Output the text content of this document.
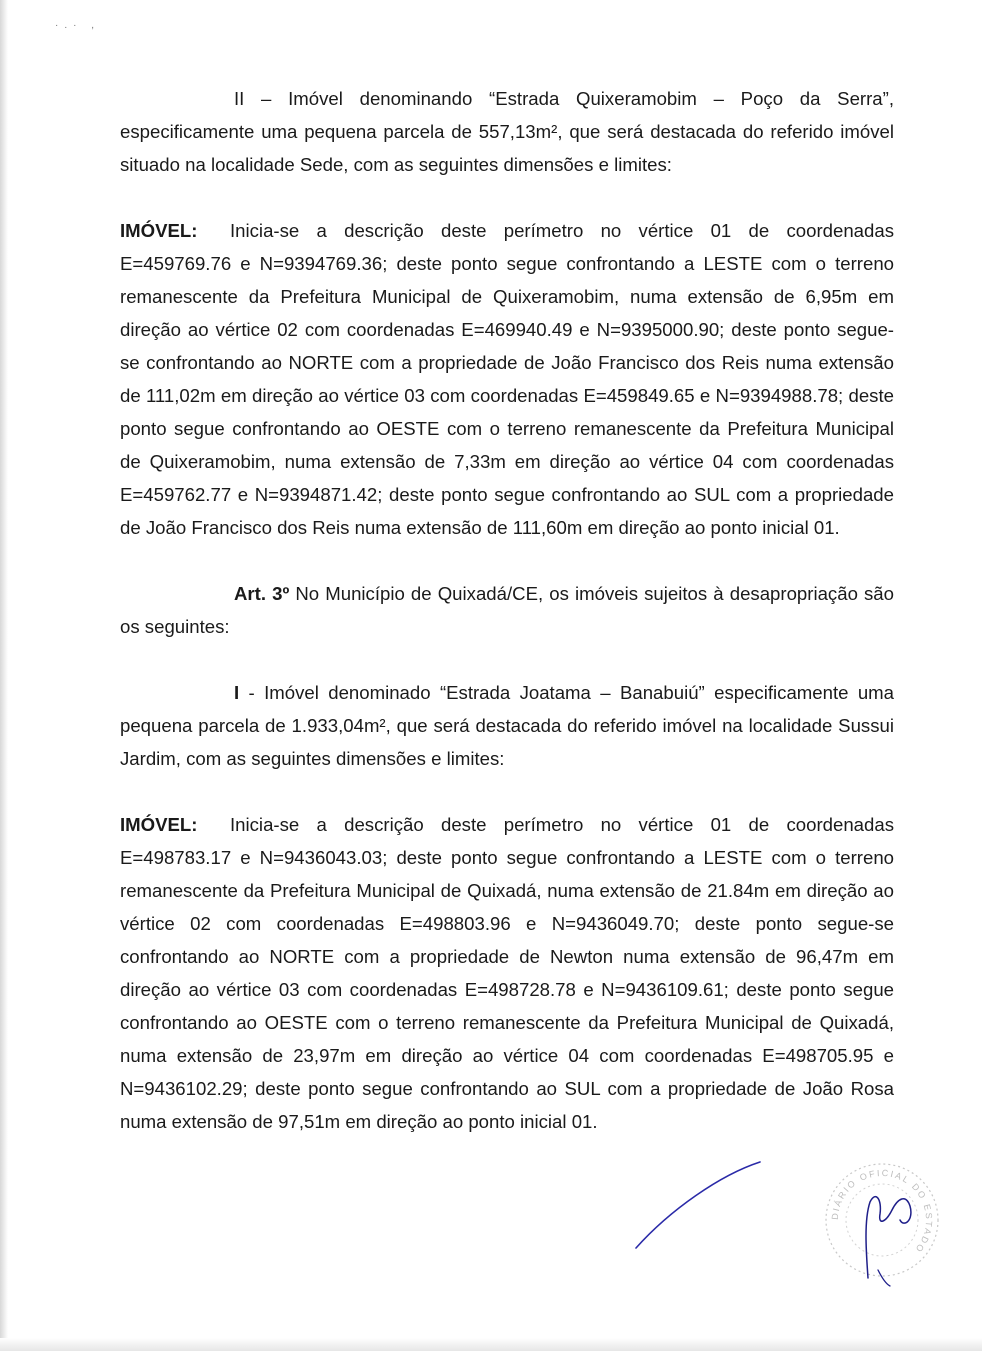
·.· ,

II – Imóvel denominando “Estrada Quixeramobim – Poço da Serra”, especificamente uma pequena parcela de 557,13m², que será destacada do referido imóvel situado na localidade Sede, com as seguintes dimensões e limites:

IMÓVEL: Inicia-se a descrição deste perímetro no vértice 01 de coordenadas E=459769.76 e N=9394769.36; deste ponto segue confrontando a LESTE com o terreno remanescente da Prefeitura Municipal de Quixeramobim, numa extensão de 6,95m em direção ao vértice 02 com coordenadas E=469940.49 e N=9395000.90; deste ponto segue-se confrontando ao NORTE com a propriedade de João Francisco dos Reis numa extensão de 111,02m em direção ao vértice 03 com coordenadas E=459849.65 e N=9394988.78; deste ponto segue confrontando ao OESTE com o terreno remanescente da Prefeitura Municipal de Quixeramobim, numa extensão de 7,33m em direção ao vértice 04 com coordenadas E=459762.77 e N=9394871.42; deste ponto segue confrontando ao SUL com a propriedade de João Francisco dos Reis numa extensão de 111,60m em direção ao ponto inicial 01.

Art. 3º No Município de Quixadá/CE, os imóveis sujeitos à desapropriação são os seguintes:

I - Imóvel denominado “Estrada Joatama – Banabuiú” especificamente uma pequena parcela de 1.933,04m², que será destacada do referido imóvel na localidade Sussui Jardim, com as seguintes dimensões e limites:

IMÓVEL: Inicia-se a descrição deste perímetro no vértice 01 de coordenadas E=498783.17 e N=9436043.03; deste ponto segue confrontando a LESTE com o terreno remanescente da Prefeitura Municipal de Quixadá, numa extensão de 21.84m em direção ao vértice 02 com coordenadas E=498803.96 e N=9436049.70; deste ponto segue-se confrontando ao NORTE com a propriedade de Newton numa extensão de 96,47m em direção ao vértice 03 com coordenadas E=498728.78 e N=9436109.61; deste ponto segue confrontando ao OESTE com o terreno remanescente da Prefeitura Municipal de Quixadá, numa extensão de 23,97m em direção ao vértice 04 com coordenadas E=498705.95 e N=9436102.29; deste ponto segue confrontando ao SUL com a propriedade de João Rosa numa extensão de 97,51m em direção ao ponto inicial 01.

DIÁRIO OFICIAL DO ESTADO
